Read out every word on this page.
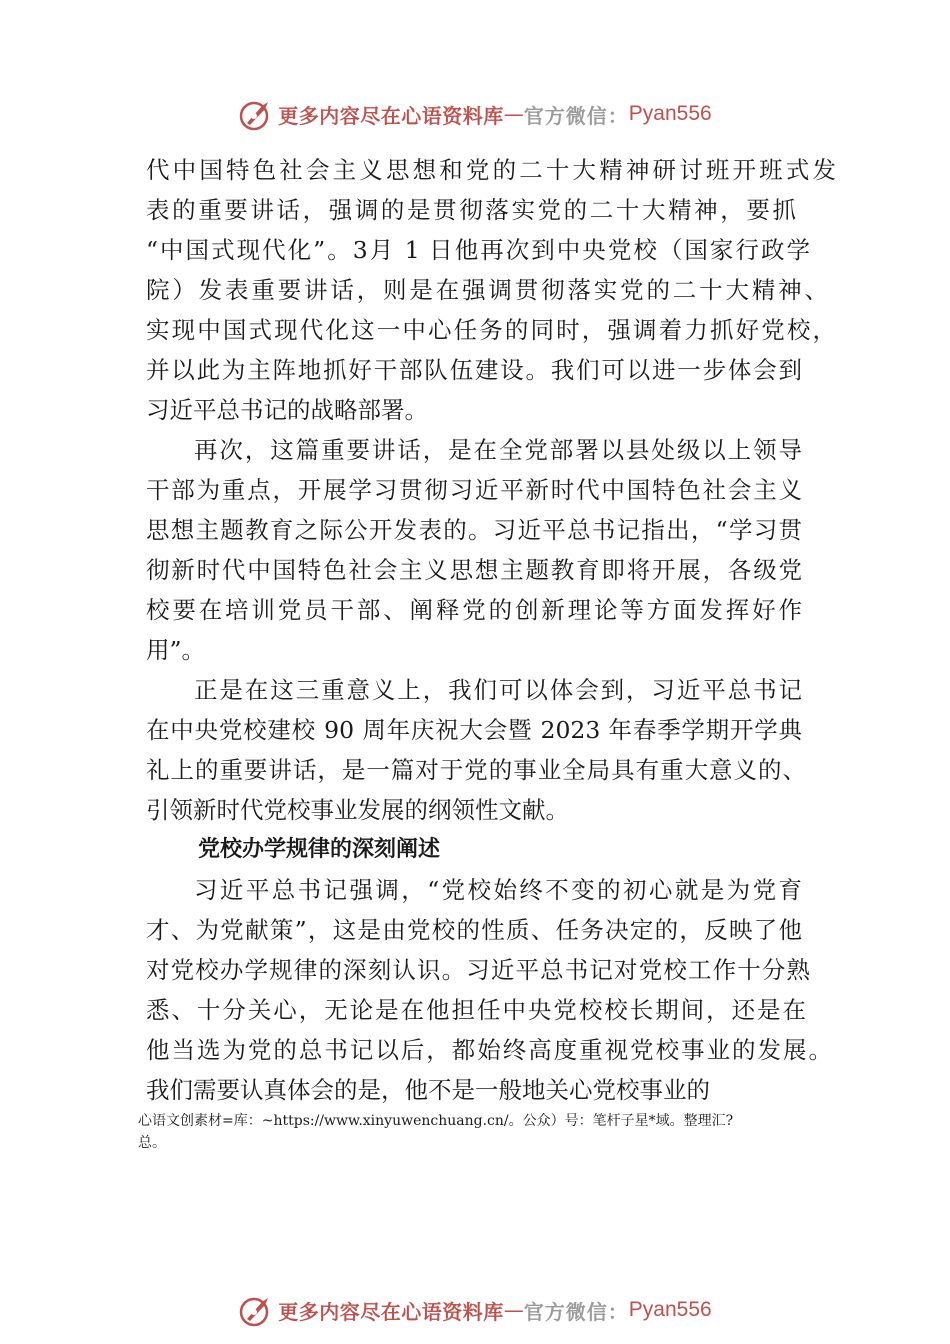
更多内容尽在心语资料库 — 官方微信： Pyan556
代中国特色社会主义思想和党的二十大精神研讨班开班式发
表的重要讲话，强调的是贯彻落实党的二十大精神，要抓
“中国式现代化”。3月 1 日他再次到中央党校（国家行政学
院）发表重要讲话，则是在强调贯彻落实党的二十大精神、
实现中国式现代化这一中心任务的同时，强调着力抓好党校，
并以此为主阵地抓好干部队伍建设。我们可以进一步体会到
习近平总书记的战略部署。
再次，这篇重要讲话，是在全党部署以县处级以上领导
干部为重点，开展学习贯彻习近平新时代中国特色社会主义
思想主题教育之际公开发表的。习近平总书记指出，“学习贯
彻新时代中国特色社会主义思想主题教育即将开展，各级党
校要在培训党员干部、阐释党的创新理论等方面发挥好作
用”。
正是在这三重意义上，我们可以体会到，习近平总书记
在中央党校建校 90 周年庆祝大会暨 2023 年春季学期开学典
礼上的重要讲话，是一篇对于党的事业全局具有重大意义的、
引领新时代党校事业发展的纲领性文献。
党校办学规律的深刻阐述
习近平总书记强调，“党校始终不变的初心就是为党育
才、为党献策”，这是由党校的性质、任务决定的，反映了他
对党校办学规律的深刻认识。习近平总书记对党校工作十分熟
悉、十分关心，无论是在他担任中央党校校长期间，还是在
他当选为党的总书记以后，都始终高度重视党校事业的发展。
我们需要认真体会的是，他不是一般地关心党校事业的
心语文创素材=库：~https://www.xinyuwenchuang.cn/。公众）号：笔杆子星*域。整理汇?
总。
更多内容尽在心语资料库 — 官方微信： Pyan556
